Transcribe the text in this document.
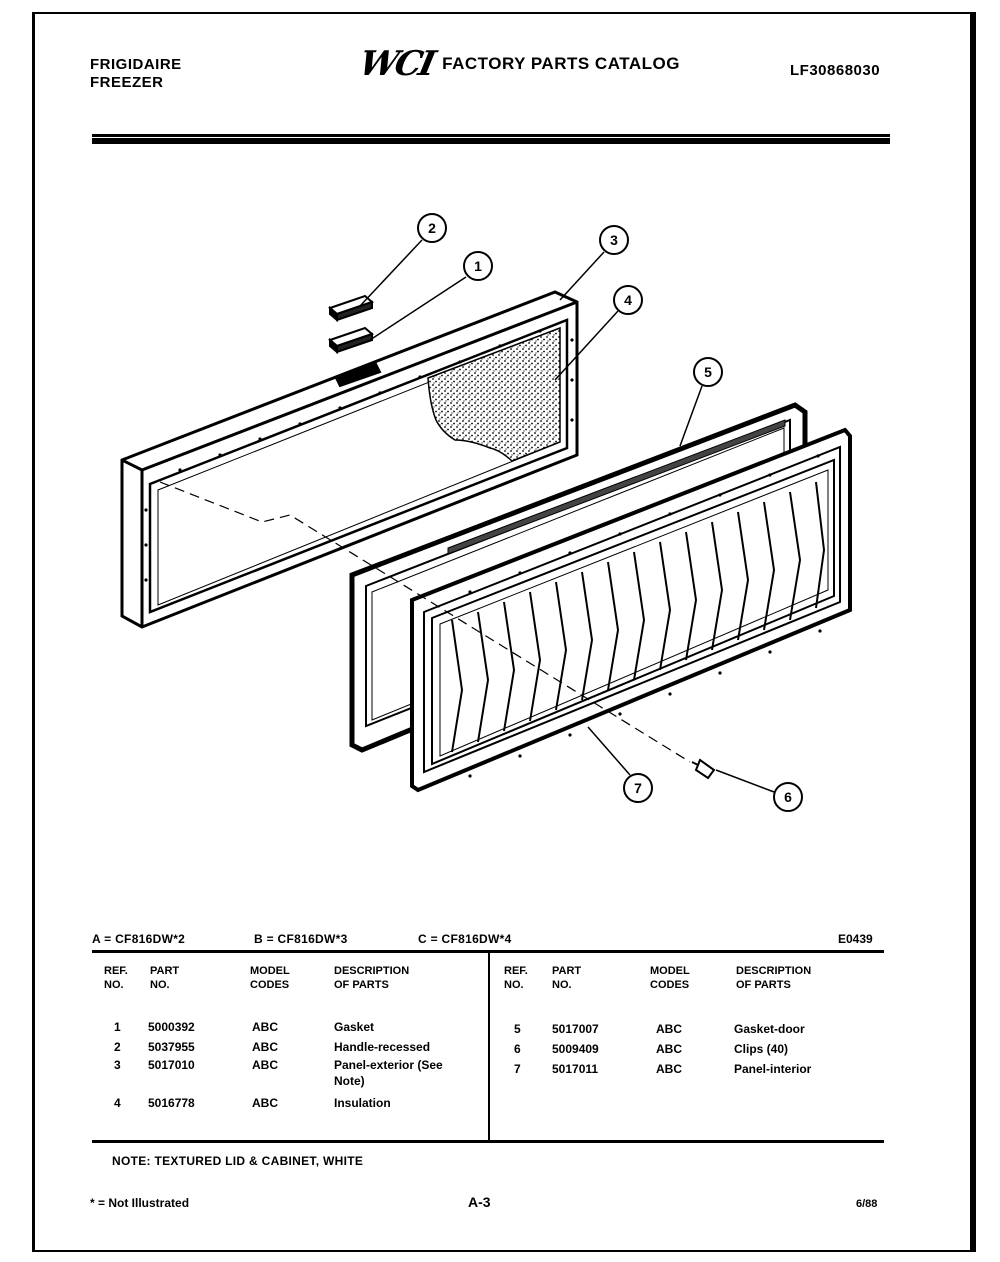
FRIGIDAIRE
FREEZER	WCI FACTORY PARTS CATALOG	LF30868030
2
1
3
4
5
7
6
A = CF816DW*2	B = CF816DW*3	C = CF816DW*4	E0439
REF.
NO.
PART
NO.
MODEL
CODES
DESCRIPTION
OF PARTS
REF.
NO.
PART
NO.
MODEL
CODES
DESCRIPTION
OF PARTS
1 5000392	ABC	Gasket
2 5037955	ABC	Handle-recessed
3 5017010	ABC	Panel-exterior (See
Note)
4 5016778	ABC	Insulation
5	5017007	ABC	Gasket-door
6	5009409	ABC	Clips (40)
7	5017011	ABC	Panel-interior
NOTE: TEXTURED LID & CABINET, WHITE
* = Not Illustrated	A-3	6/88
